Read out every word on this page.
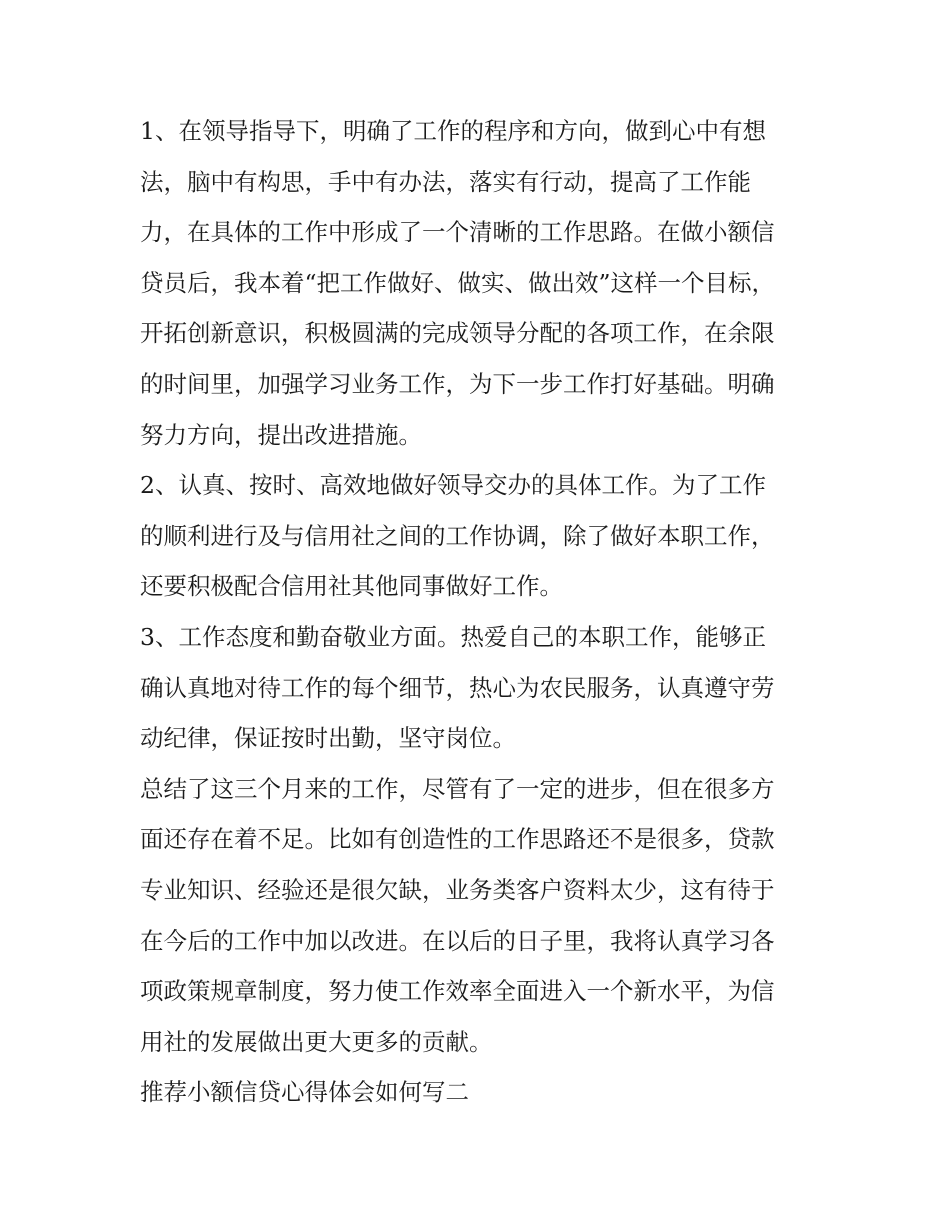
1、在领导指导下，明确了工作的程序和方向，做到心中有想
法，脑中有构思，手中有办法，落实有行动，提高了工作能
力，在具体的工作中形成了一个清晰的工作思路。在做小额信
贷员后，我本着“把工作做好、做实、做出效”这样一个目标，
开拓创新意识，积极圆满的完成领导分配的各项工作，在余限
的时间里，加强学习业务工作，为下一步工作打好基础。明确
努力方向，提出改进措施。
2、认真、按时、高效地做好领导交办的具体工作。为了工作
的顺利进行及与信用社之间的工作协调，除了做好本职工作，
还要积极配合信用社其他同事做好工作。
3、工作态度和勤奋敬业方面。热爱自己的本职工作，能够正
确认真地对待工作的每个细节，热心为农民服务，认真遵守劳
动纪律，保证按时出勤，坚守岗位。
总结了这三个月来的工作，尽管有了一定的进步，但在很多方
面还存在着不足。比如有创造性的工作思路还不是很多，贷款
专业知识、经验还是很欠缺，业务类客户资料太少，这有待于
在今后的工作中加以改进。在以后的日子里，我将认真学习各
项政策规章制度，努力使工作效率全面进入一个新水平，为信
用社的发展做出更大更多的贡献。
推荐小额信贷心得体会如何写二
